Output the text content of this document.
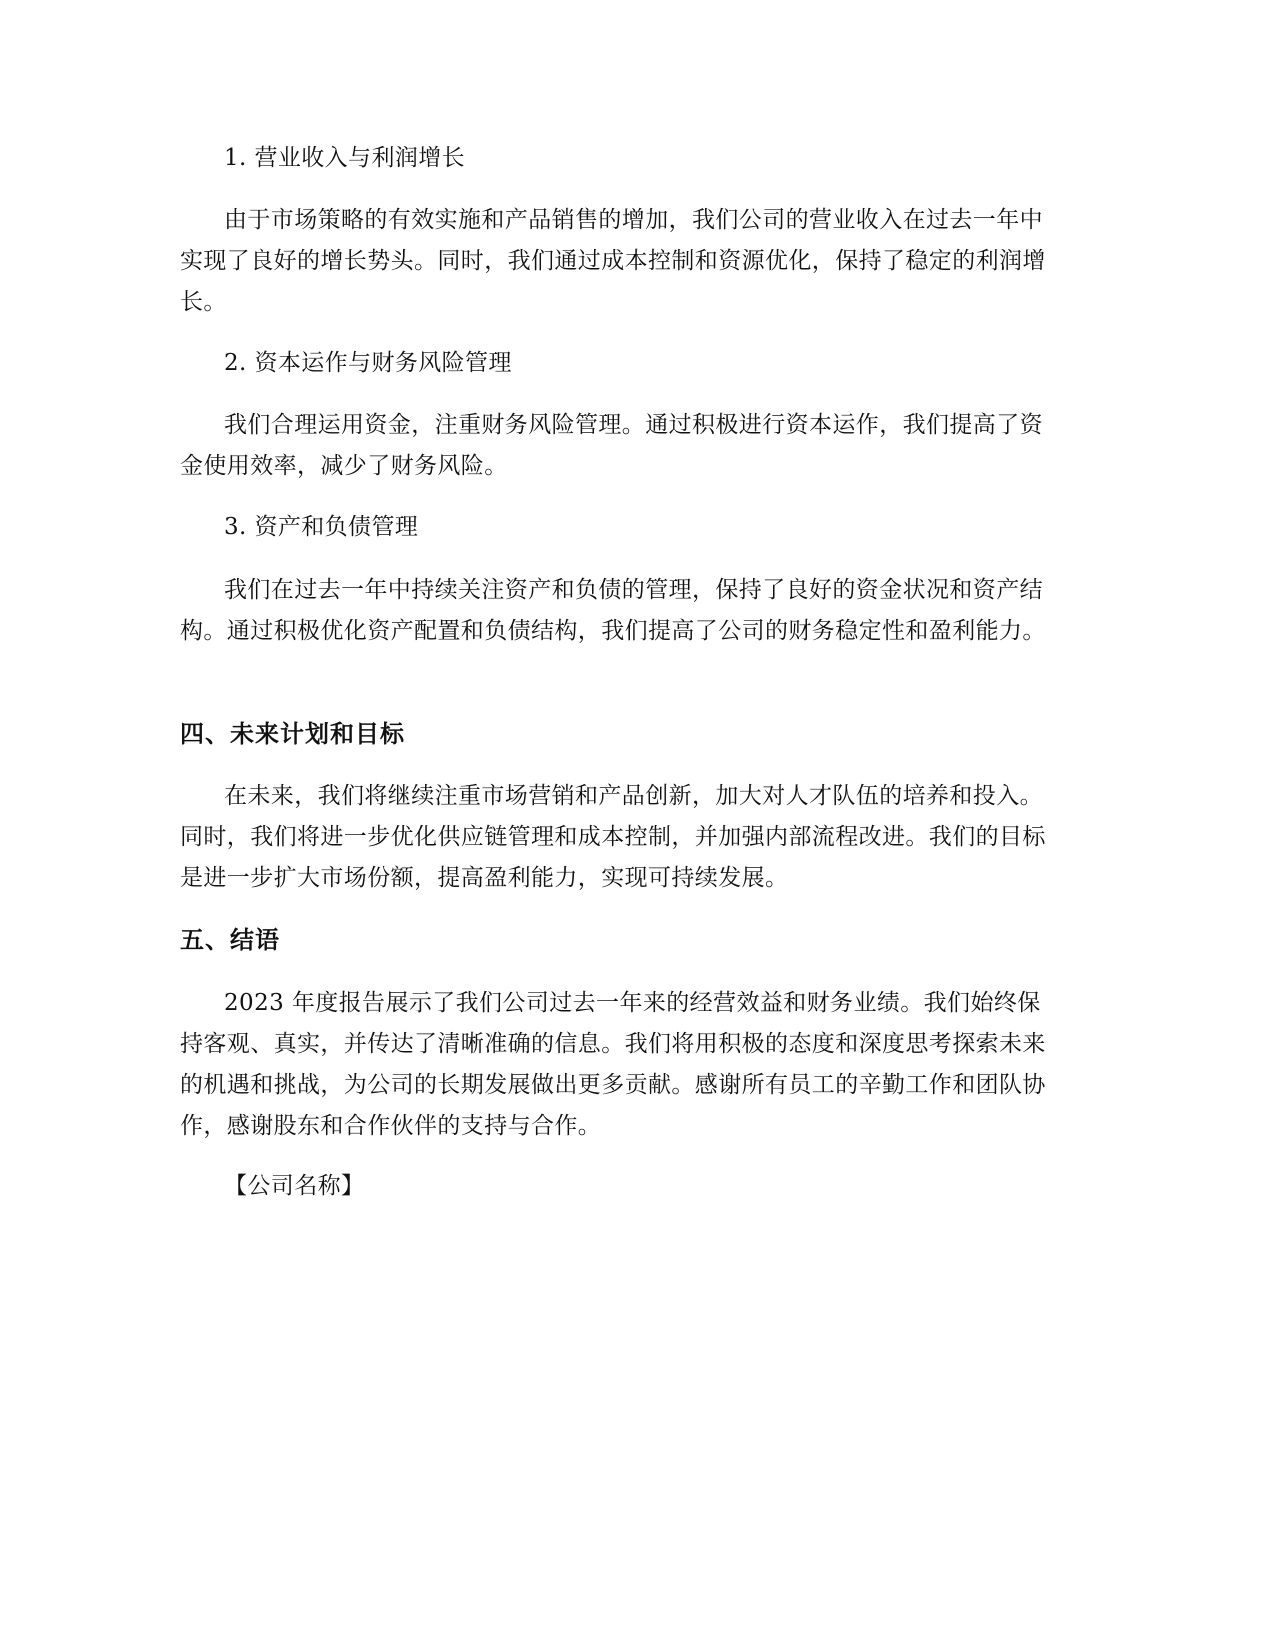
1. 营业收入与利润增长

由于市场策略的有效实施和产品销售的增加，我们公司的营业收入在过去一年中实现了良好的增长势头。同时，我们通过成本控制和资源优化，保持了稳定的利润增长。

2. 资本运作与财务风险管理

我们合理运用资金，注重财务风险管理。通过积极进行资本运作，我们提高了资金使用效率，减少了财务风险。

3. 资产和负债管理

我们在过去一年中持续关注资产和负债的管理，保持了良好的资金状况和资产结构。通过积极优化资产配置和负债结构，我们提高了公司的财务稳定性和盈利能力。

四、未来计划和目标

在未来，我们将继续注重市场营销和产品创新，加大对人才队伍的培养和投入。同时，我们将进一步优化供应链管理和成本控制，并加强内部流程改进。我们的目标是进一步扩大市场份额，提高盈利能力，实现可持续发展。

五、结语

2023 年度报告展示了我们公司过去一年来的经营效益和财务业绩。我们始终保持客观、真实，并传达了清晰准确的信息。我们将用积极的态度和深度思考探索未来的机遇和挑战，为公司的长期发展做出更多贡献。感谢所有员工的辛勤工作和团队协作，感谢股东和合作伙伴的支持与合作。

【公司名称】
